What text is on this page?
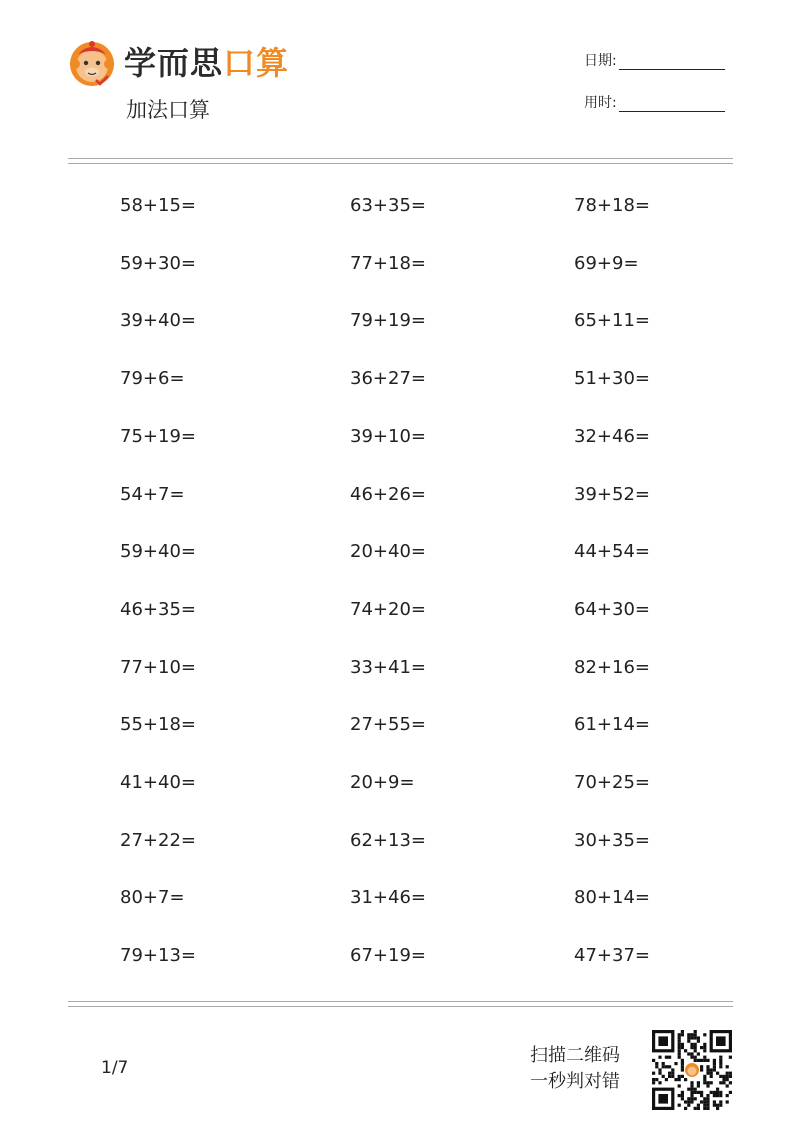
学而思口算
加法口算
日期:
用时:
58+15=	63+35=	78+18=
59+30=	77+18=	69+9=
39+40=	79+19=	65+11=
79+6=	36+27=	51+30=
75+19=	39+10=	32+46=
54+7=	46+26=	39+52=
59+40=	20+40=	44+54=
46+35=	74+20=	64+30=
77+10=	33+41=	82+16=
55+18=	27+55=	61+14=
41+40=	20+9=	70+25=
27+22=	62+13=	30+35=
80+7=	31+46=	80+14=
79+13=	67+19=	47+37=
1/7
扫描二维码
一秒判对错
